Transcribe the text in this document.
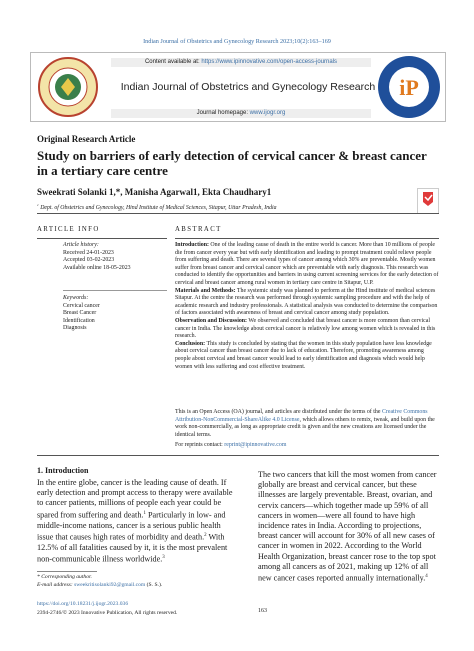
Indian Journal of Obstetrics and Gynecology Research 2023;10(2):163–169
Content available at: https://www.ipinnovative.com/open-access-journals
Indian Journal of Obstetrics and Gynecology Research
Journal homepage: www.ijogr.org
iP
Original Research Article
Study on barriers of early detection of cervical cancer & breast cancer in a tertiary care centre
Sweekrati Solanki 1,*, Manisha Agarwal1, Ekta Chaudhary1
$^1$ Dept. of Obstetrics and Gynecology, Hind Institute of Medical Sciences, Sitapur, Uttar Pradesh, India
ARTICLE INFO	ABSTRACT
Article history:
Received 24-01-2023
Accepted 03-02-2023
Available online 18-05-2023
Keywords:
Cervical cancer
Breast Cancer
Identification
Diagnosis
Introduction: One of the leading cause of death in the entire world is cancer. More than 10 millions of people die from cancer every year but with early identification and leading to prompt treatment could relieve people from suffering and death. There are several types of cancer among which 30% are preventable. Mostly women suffer from breast cancer and cervical cancer which are preventable with early diagnosis. This research was conducted to identify the opportunities and barriers in using current screening services for the early detection of cervical and breast cancer among rural women in tertiary care centre in Sitapur, U.P.
Materials and Methods: The systemic study was planned to perform at the Hind institute of medical sciences Sitapur. At the centre the research was performed through systemic sampling procedure and with the help of academic research and industry professionals. A statistical analysis was conducted to determine the comparison of factors associated with awareness of breast and cervical cancer among study population.
Observation and Discussion: We observed and concluded that breast cancer is more common than cervical cancer in India. The knowledge about cervical cancer is relatively low among women which is revealed in this research.
Conclusion: This study is concluded by stating that the women in this study population have less knowledge about cervical cancer than breast cancer due to lack of education. Therefore, promoting awareness among people about cervical and breast cancer would lead to early identification and diagnosis which would help women with less suffering and cost effective treatment.
This is an Open Access (OA) journal, and articles are distributed under the terms of the Creative Commons Attribution-NonCommercial-ShareAlike 4.0 License, which allows others to remix, tweak, and build upon the work non-commercially, as long as appropriate credit is given and the new creations are licensed under the identical terms.
For reprints contact: reprint@ipinnovative.com
1. Introduction
In the entire globe, cancer is the leading cause of death. If early detection and prompt access to therapy were available to cancer patients, millions of people each year could be spared from suffering and death.$^1$ Particularly in low- and middle-income nations, cancer is a serious public health issue that causes high rates of morbidity and death.$^2$ With 12.5% of all fatalities caused by it, it is the most prevalent non-communicable illness worldwide.$^3$
The two cancers that kill the most women from cancer globally are breast and cervical cancer, but these illnesses are largely preventable. Breast, ovarian, and cervix cancers—which together made up 59% of all cancers in women—were all found to have high incidence rates in India. According to projections, breast cancer will account for 30% of all new cases of cancer in women in 2022. According to the World Health Organization, breast cancer rose to the top spot among all cancers as of 2021, making up 12% of all new cancer cases reported annually internationally.$^4$
* Corresponding author.
E-mail address: sweekritisolanki92@gmail.com (S. S.).
https://doi.org/10.18231/j.ijogr.2023.036
2394-2746/© 2023 Innovative Publication, All rights reserved.	163
